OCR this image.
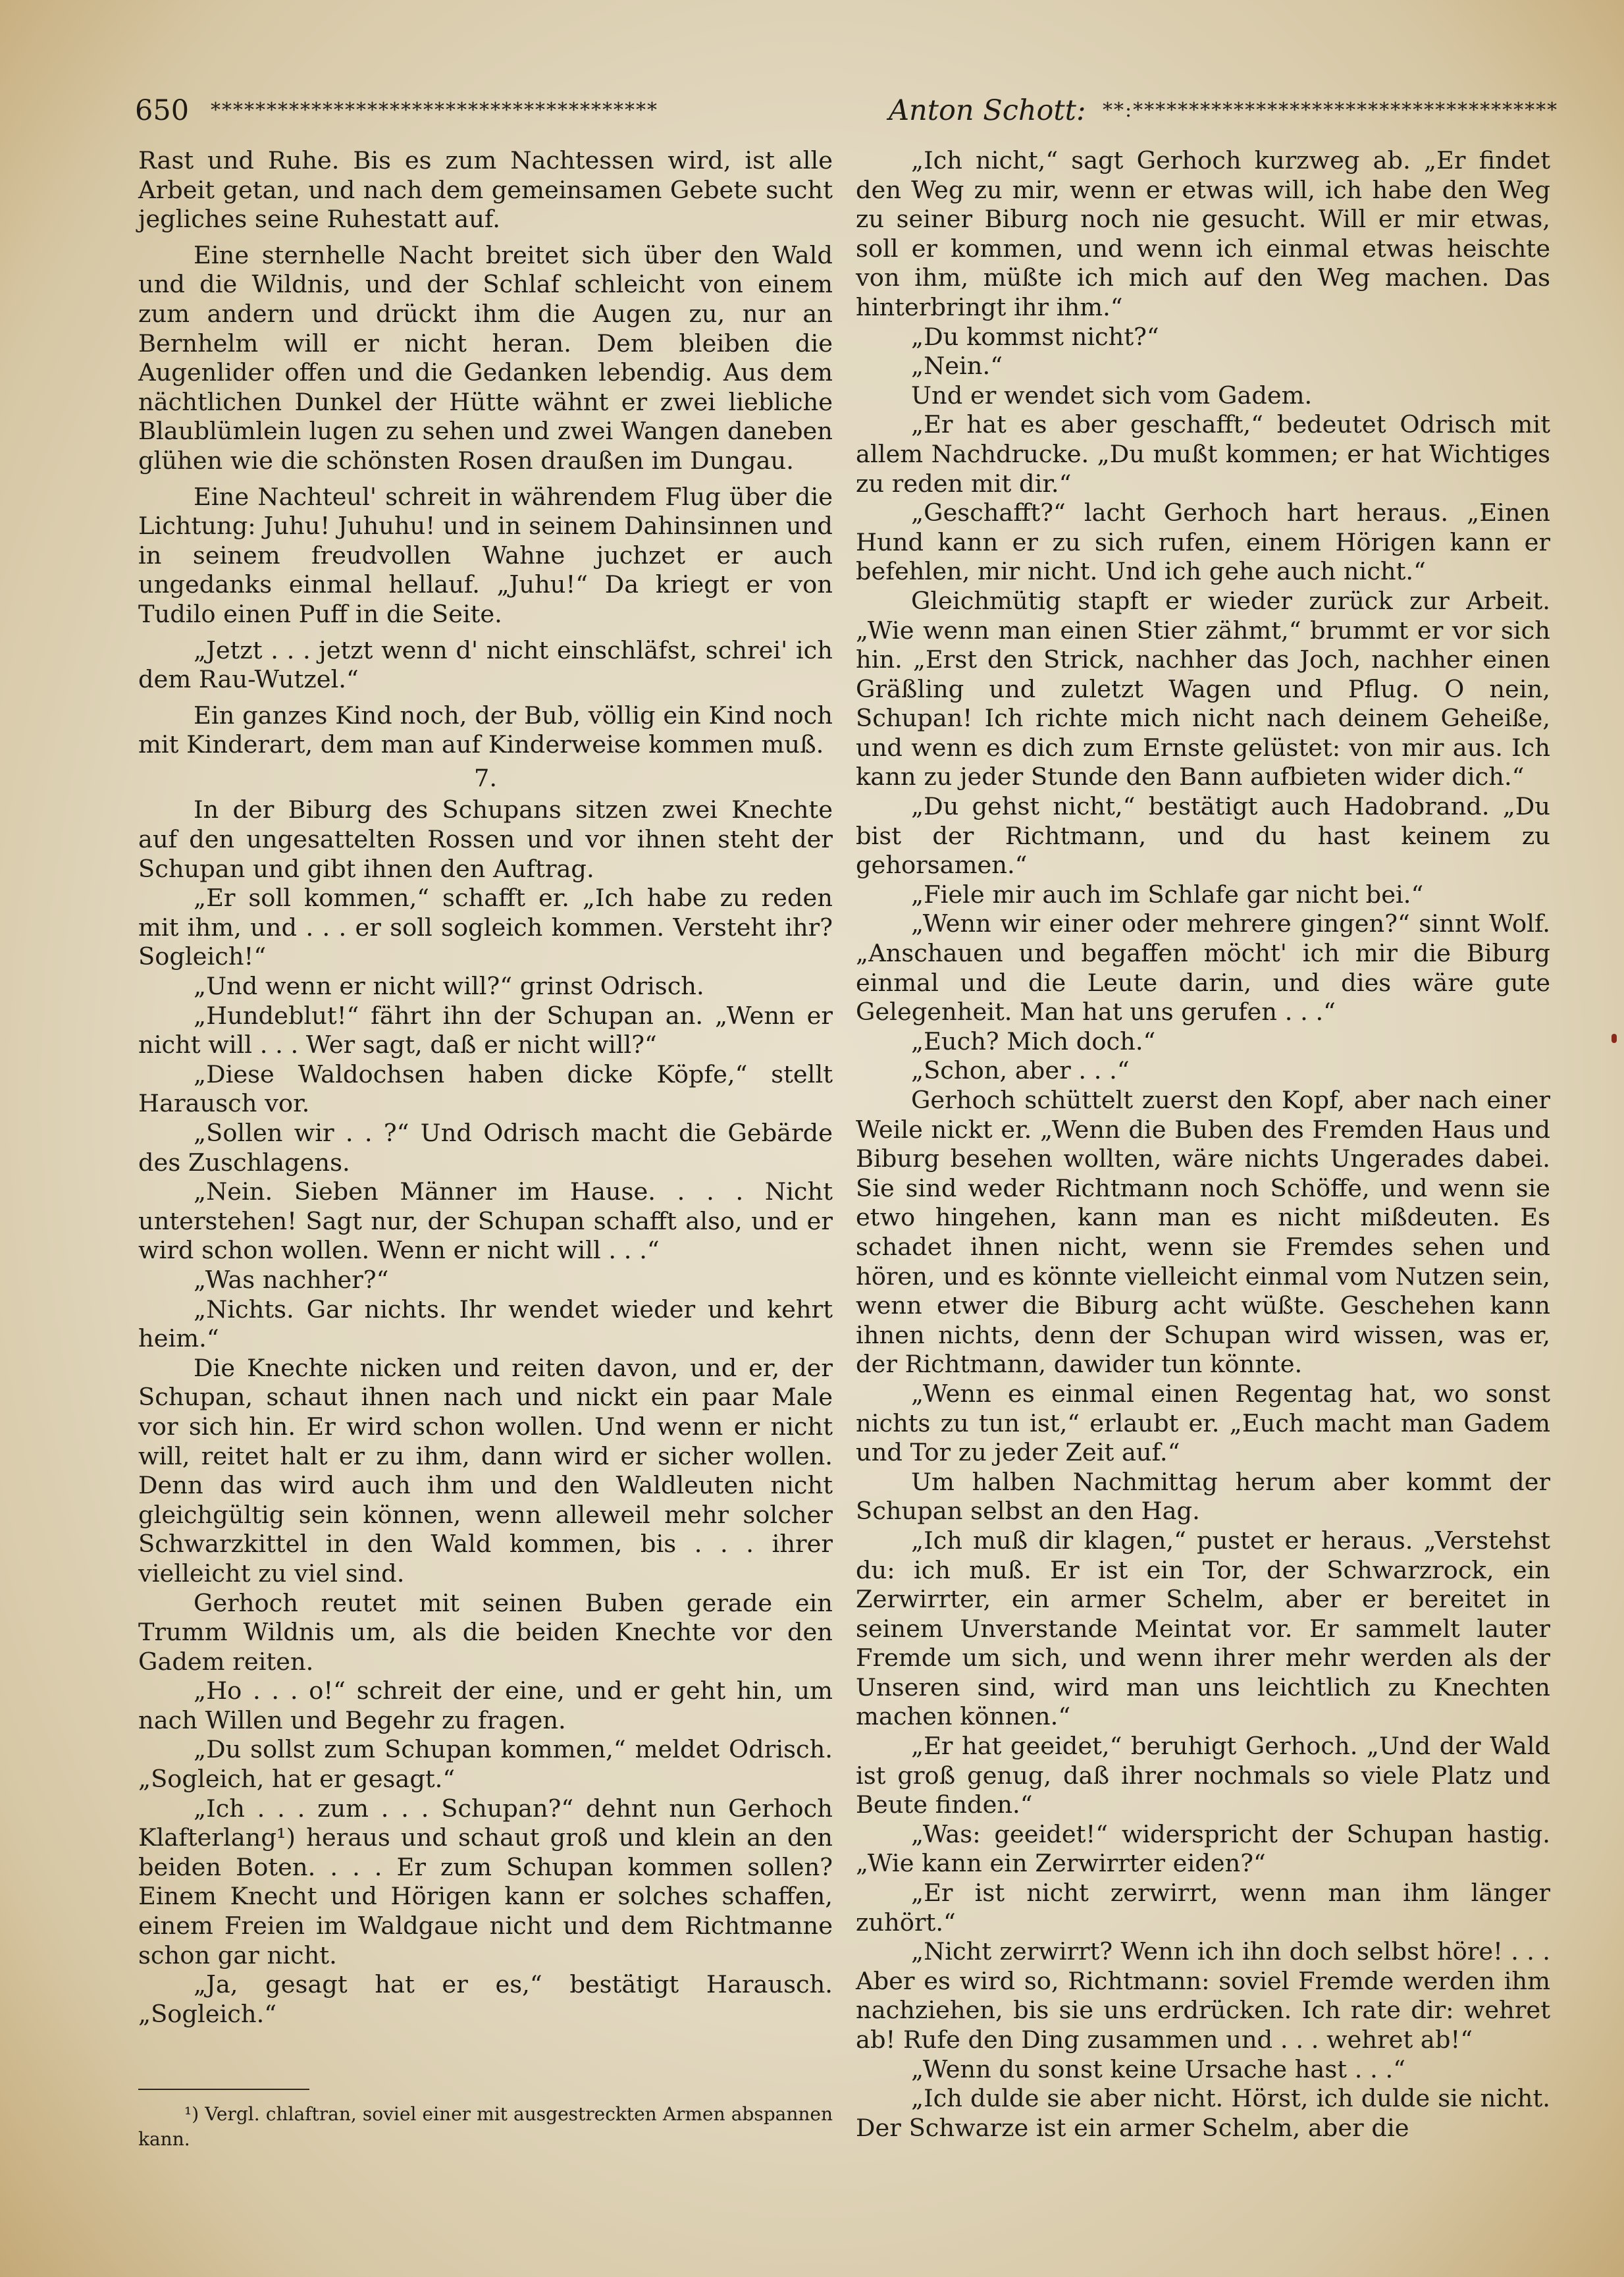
650 ****************************************	Anton Schott: **:**************************************

Rast und Ruhe. Bis es zum Nachtessen wird, ist alle Arbeit getan, und nach dem gemeinsamen Gebete sucht jegliches seine Ruhestatt auf.

Eine sternhelle Nacht breitet sich über den Wald und die Wildnis, und der Schlaf schleicht von einem zum andern und drückt ihm die Augen zu, nur an Bernhelm will er nicht heran. Dem bleiben die Augenlider offen und die Gedanken lebendig. Aus dem nächtlichen Dunkel der Hütte wähnt er zwei liebliche Blaublümlein lugen zu sehen und zwei Wangen daneben glühen wie die schönsten Rosen draußen im Dungau.

Eine Nachteul' schreit in währendem Flug über die Lichtung: Juhu! Juhuhu! und in seinem Dahinsinnen und in seinem freudvollen Wahne juchzet er auch ungedanks einmal hellauf. „Juhu!“ Da kriegt er von Tudilo einen Puff in die Seite.

„Jetzt . . . jetzt wenn d' nicht einschläfst, schrei' ich dem Rau-Wutzel.“

Ein ganzes Kind noch, der Bub, völlig ein Kind noch mit Kinderart, dem man auf Kinderweise kommen muß.

7.

In der Biburg des Schupans sitzen zwei Knechte auf den ungesattelten Rossen und vor ihnen steht der Schupan und gibt ihnen den Auftrag.

„Er soll kommen,“ schafft er. „Ich habe zu reden mit ihm, und . . . er soll sogleich kommen. Versteht ihr? Sogleich!“

„Und wenn er nicht will?“ grinst Odrisch.

„Hundeblut!“ fährt ihn der Schupan an. „Wenn er nicht will . . . Wer sagt, daß er nicht will?“

„Diese Waldochsen haben dicke Köpfe,“ stellt Harausch vor.

„Sollen wir . . ?“ Und Odrisch macht die Gebärde des Zuschlagens.

„Nein. Sieben Männer im Hause. . . . Nicht unterstehen! Sagt nur, der Schupan schafft also, und er wird schon wollen. Wenn er nicht will . . .“

„Was nachher?“

„Nichts. Gar nichts. Ihr wendet wieder und kehrt heim.“

Die Knechte nicken und reiten davon, und er, der Schupan, schaut ihnen nach und nickt ein paar Male vor sich hin. Er wird schon wollen. Und wenn er nicht will, reitet halt er zu ihm, dann wird er sicher wollen. Denn das wird auch ihm und den Waldleuten nicht gleichgültig sein können, wenn alleweil mehr solcher Schwarzkittel in den Wald kommen, bis . . . ihrer vielleicht zu viel sind.

Gerhoch reutet mit seinen Buben gerade ein Trumm Wildnis um, als die beiden Knechte vor den Gadem reiten.

„Ho . . . o!“ schreit der eine, und er geht hin, um nach Willen und Begehr zu fragen.

„Du sollst zum Schupan kommen,“ meldet Odrisch. „Sogleich, hat er gesagt.“

„Ich . . . zum . . . Schupan?“ dehnt nun Gerhoch Klafterlang¹) heraus und schaut groß und klein an den beiden Boten. . . . Er zum Schupan kommen sollen? Einem Knecht und Hörigen kann er solches schaffen, einem Freien im Waldgaue nicht und dem Richtmanne schon gar nicht.

„Ja, gesagt hat er es,“ bestätigt Harausch. „Sogleich.“

„Ich nicht,“ sagt Gerhoch kurzweg ab. „Er findet den Weg zu mir, wenn er etwas will, ich habe den Weg zu seiner Biburg noch nie gesucht. Will er mir etwas, soll er kommen, und wenn ich einmal etwas heischte von ihm, müßte ich mich auf den Weg machen. Das hinterbringt ihr ihm.“

„Du kommst nicht?“

„Nein.“

Und er wendet sich vom Gadem.

„Er hat es aber geschafft,“ bedeutet Odrisch mit allem Nachdrucke. „Du mußt kommen; er hat Wichtiges zu reden mit dir.“

„Geschafft?“ lacht Gerhoch hart heraus. „Einen Hund kann er zu sich rufen, einem Hörigen kann er befehlen, mir nicht. Und ich gehe auch nicht.“

Gleichmütig stapft er wieder zurück zur Arbeit. „Wie wenn man einen Stier zähmt,“ brummt er vor sich hin. „Erst den Strick, nachher das Joch, nachher einen Gräßling und zuletzt Wagen und Pflug. O nein, Schupan! Ich richte mich nicht nach deinem Geheiße, und wenn es dich zum Ernste gelüstet: von mir aus. Ich kann zu jeder Stunde den Bann aufbieten wider dich.“

„Du gehst nicht,“ bestätigt auch Hadobrand. „Du bist der Richtmann, und du hast keinem zu gehorsamen.“

„Fiele mir auch im Schlafe gar nicht bei.“

„Wenn wir einer oder mehrere gingen?“ sinnt Wolf. „Anschauen und begaffen möcht' ich mir die Biburg einmal und die Leute darin, und dies wäre gute Gelegenheit. Man hat uns gerufen . . .“

„Euch? Mich doch.“

„Schon, aber . . .“

Gerhoch schüttelt zuerst den Kopf, aber nach einer Weile nickt er. „Wenn die Buben des Fremden Haus und Biburg besehen wollten, wäre nichts Ungerades dabei. Sie sind weder Richtmann noch Schöffe, und wenn sie etwo hingehen, kann man es nicht mißdeuten. Es schadet ihnen nicht, wenn sie Fremdes sehen und hören, und es könnte vielleicht einmal vom Nutzen sein, wenn etwer die Biburg acht wüßte. Geschehen kann ihnen nichts, denn der Schupan wird wissen, was er, der Richtmann, dawider tun könnte.

„Wenn es einmal einen Regentag hat, wo sonst nichts zu tun ist,“ erlaubt er. „Euch macht man Gadem und Tor zu jeder Zeit auf.“

Um halben Nachmittag herum aber kommt der Schupan selbst an den Hag.

„Ich muß dir klagen,“ pustet er heraus. „Verstehst du: ich muß. Er ist ein Tor, der Schwarzrock, ein Zerwirrter, ein armer Schelm, aber er bereitet in seinem Unverstande Meintat vor. Er sammelt lauter Fremde um sich, und wenn ihrer mehr werden als der Unseren sind, wird man uns leichtlich zu Knechten machen können.“

„Er hat geeidet,“ beruhigt Gerhoch. „Und der Wald ist groß genug, daß ihrer nochmals so viele Platz und Beute finden.“

„Was: geeidet!“ widerspricht der Schupan hastig. „Wie kann ein Zerwirrter eiden?“

„Er ist nicht zerwirrt, wenn man ihm länger zuhört.“

„Nicht zerwirrt? Wenn ich ihn doch selbst höre! . . . Aber es wird so, Richtmann: soviel Fremde werden ihm nachziehen, bis sie uns erdrücken. Ich rate dir: wehret ab! Rufe den Ding zusammen und . . . wehret ab!“

„Wenn du sonst keine Ursache hast . . .“

„Ich dulde sie aber nicht. Hörst, ich dulde sie nicht. Der Schwarze ist ein armer Schelm, aber die

¹) Vergl. chlaftran, soviel einer mit ausgestreckten Armen abspannen kann.
